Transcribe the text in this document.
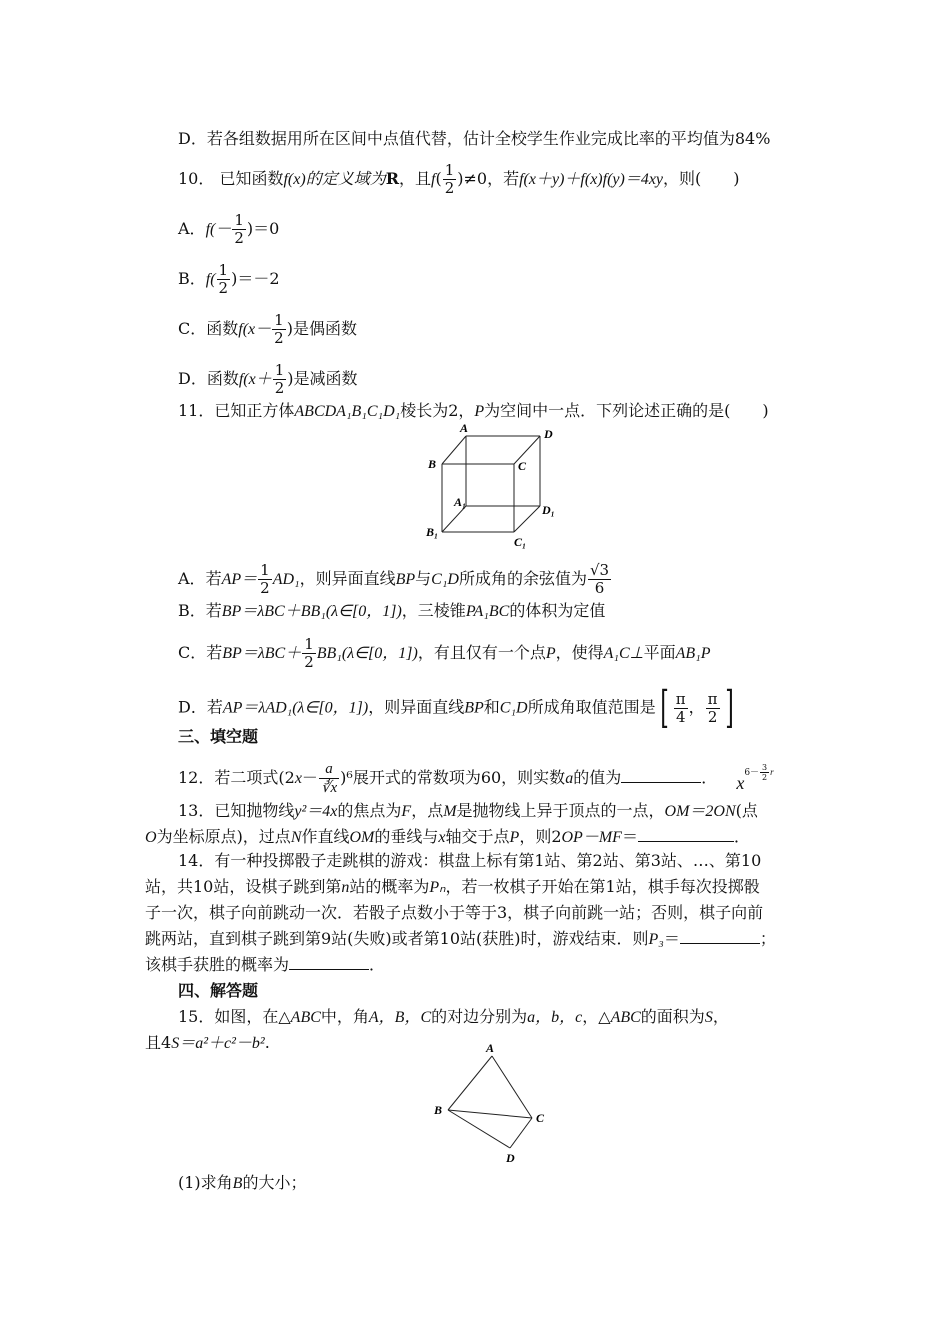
D．若各组数据用所在区间中点值代替，估计全校学生作业完成比率的平均值为84%
10． 已知函数f(x)的定义域为R，且$f( \frac{1}{2} )\ne 0$，若f(x＋y)＋f(x)f(y)＝4xy，则(　　)
A．$f(- \frac{1}{2} )=0$
B．$f( \frac{1}{2} )=-2$
C．函数$f(x- \frac{1}{2}$ )是偶函数
D．函数$f(x+ \frac{1}{2}$ )是减函数
11．已知正方体ABCDA₁B₁C₁D₁棱长为2，P为空间中一点．下列论述正确的是(　　)
A	D
B	C
A₁
D₁
B₁
C₁
A．若$AP= \frac{1}{2} AD_1$，则异面直线BP与C₁D所成角的余弦值为 $\frac{√3}{6}$
B．若BP＝λBC＋BB₁(λ∈[0，1])，三棱锥PA₁BC的体积为定值
C．若$BP=\lambda BC+ \frac{1}{2}$ BB₁(λ∈[0，1])，有且仅有一个点P，使得A₁C⊥平面AB₁P
D．若AP＝λAD₁(λ∈[0，1])，则异面直线BP和C₁D所成角取值范围是[ $\frac{\pi}{4}$ ， $\frac{\pi}{2}$ ]
三、填空题
12．若二项式$(2x- \frac{a}{∛x} )^6$展开式的常数项为60，则实数a的值为	． $x^{6- \frac{3}{2} r}$
13．已知抛物线y²＝4x的焦点为F，点M是抛物线上异于顶点的一点，OM＝2ON(点
O为坐标原点)，过点N作直线OM的垂线与x轴交于点P，则2OP－MF＝	．
14．有一种投掷骰子走跳棋的游戏：棋盘上标有第1站、第2站、第3站、…、第10
站，共10站，设棋子跳到第n站的概率为Pₙ，若一枚棋子开始在第1站，棋手每次投掷骰
子一次，棋子向前跳动一次．若骰子点数小于等于3，棋子向前跳一站；否则，棋子向前
跳两站，直到棋子跳到第9站(失败)或者第10站(获胜)时，游戏结束．则P₃＝	；
该棋手获胜的概率为	．
四、解答题
15．如图，在△ABC中，角A，B，C的对边分别为a，b，c，△ABC的面积为S，
且4S＝a²＋c²－b².	A
B
C
D
(1)求角B的大小；
